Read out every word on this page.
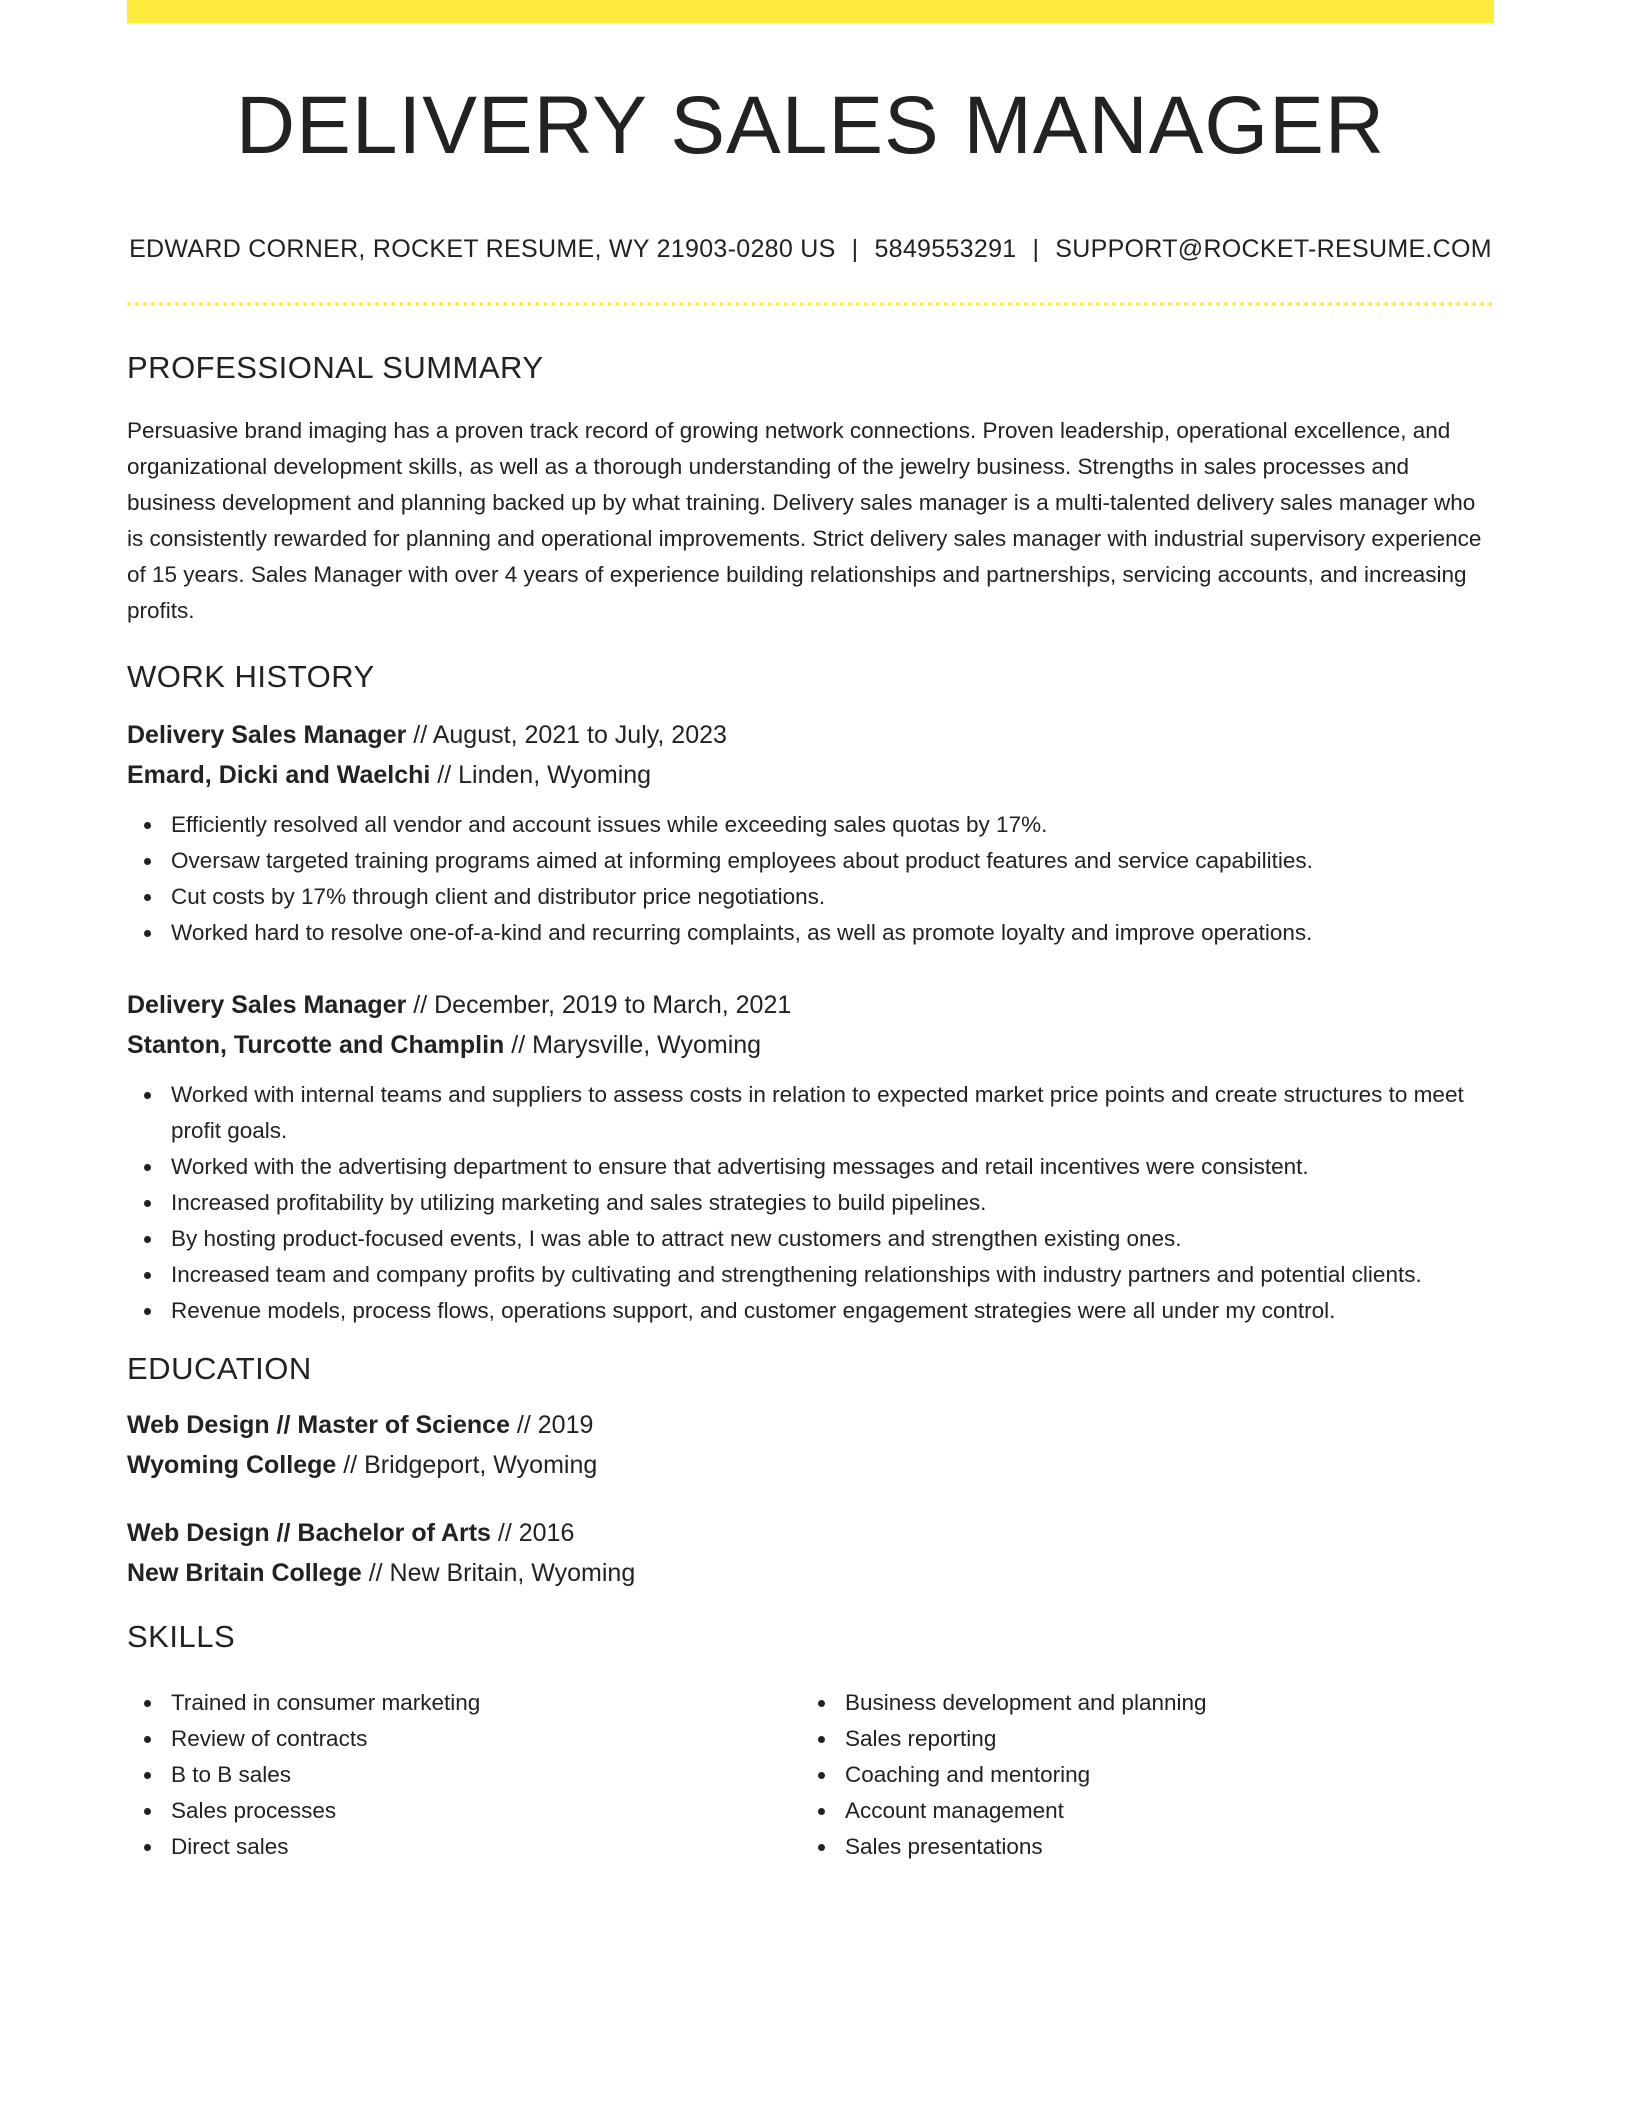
DELIVERY SALES MANAGER
EDWARD CORNER, ROCKET RESUME, WY 21903-0280 US | 5849553291 | SUPPORT@ROCKET-RESUME.COM
PROFESSIONAL SUMMARY

Persuasive brand imaging has a proven track record of growing network connections. Proven leadership, operational excellence, and organizational development skills, as well as a thorough understanding of the jewelry business. Strengths in sales processes and business development and planning backed up by what training. Delivery sales manager is a multi-talented delivery sales manager who is consistently rewarded for planning and operational improvements. Strict delivery sales manager with industrial supervisory experience of 15 years. Sales Manager with over 4 years of experience building relationships and partnerships, servicing accounts, and increasing profits.

WORK HISTORY
Delivery Sales Manager // August, 2021 to July, 2023
Emard, Dicki and Waelchi // Linden, Wyoming
Efficiently resolved all vendor and account issues while exceeding sales quotas by 17%.
Oversaw targeted training programs aimed at informing employees about product features and service capabilities.
Cut costs by 17% through client and distributor price negotiations.
Worked hard to resolve one-of-a-kind and recurring complaints, as well as promote loyalty and improve operations.
Delivery Sales Manager // December, 2019 to March, 2021
Stanton, Turcotte and Champlin // Marysville, Wyoming
Worked with internal teams and suppliers to assess costs in relation to expected market price points and create structures to meet profit goals.
Worked with the advertising department to ensure that advertising messages and retail incentives were consistent.
Increased profitability by utilizing marketing and sales strategies to build pipelines.
By hosting product-focused events, I was able to attract new customers and strengthen existing ones.
Increased team and company profits by cultivating and strengthening relationships with industry partners and potential clients.
Revenue models, process flows, operations support, and customer engagement strategies were all under my control.
EDUCATION
Web Design // Master of Science // 2019
Wyoming College // Bridgeport, Wyoming
Web Design // Bachelor of Arts // 2016
New Britain College // New Britain, Wyoming
SKILLS
Trained in consumer marketing
Review of contracts
B to B sales
Sales processes
Direct sales
Business development and planning
Sales reporting
Coaching and mentoring
Account management
Sales presentations
